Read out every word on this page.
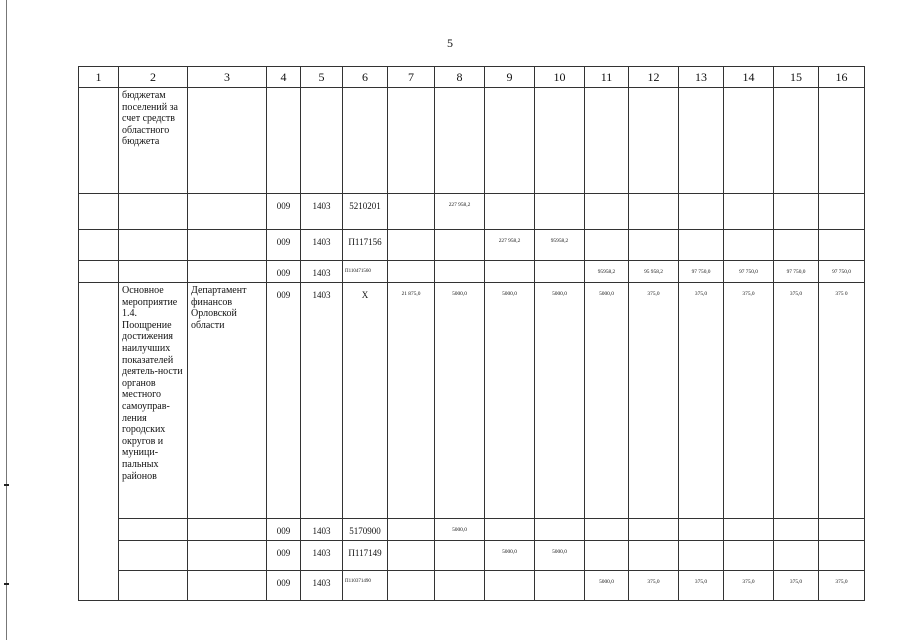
5
1	2	3	4	5	6	7	8	9	10	11	12	13	14	15	16
	бюджетам поселений за счет средств областного бюджета														
			009	1403	5210201		227 958,2								
			009	1403	П117156			227 958,2	95958,2						
			009	1403	П110471560					95958,2	95 958,2	97 750,0	97 750,0	97 750,0	97 750,0
	Основное мероприятие 1.4. Поощрение достижения наилучших показателей деятель-ности органов местного самоуправ-ления городских округов и муници-пальных районов	Департамент финансов Орловской области	009	1403	Х	21 875,0	5000,0	5000,0	5000,0	5000,0	375,0	375,0	375,0	375,0	375 0
			009	1403	5170900		5000,0								
			009	1403	П117149			5000,0	5000,0						
			009	1403	П110371490					5000,0	375,0	375,0	375,0	375,0	375,0
